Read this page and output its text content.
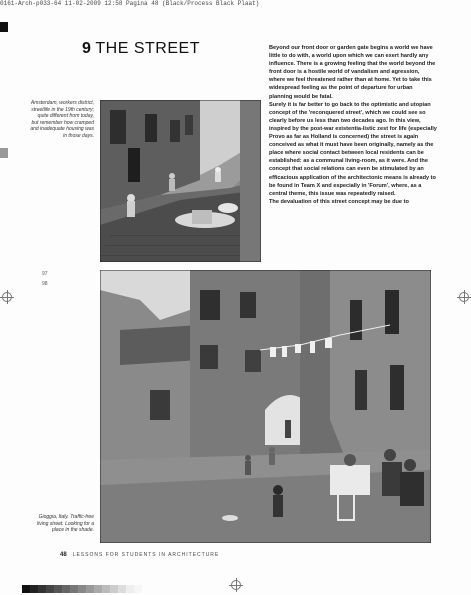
0161-Arch-p033-64 11-02-2009 12:58 Pagina 48 (Black/Process Black Plaat)
9 THE STREET
Amsterdam, workers district, streetlife in the 19th century; quite different from today, but remember how cramped and inadequate housing was in those days.

Beyond our front door or garden gate begins a world we have little to do with, a world upon which we can exert hardly any influence. There is a growing feeling that the world beyond the front door is a hostile world of vandalism and agression, where we feel threatened rather than at home. Yet to take this widespread feeling as the point of departure for urban planning would be fatal.

Surely it is far better to go back to the optimistic and utopian concept of the 'reconquered street', which we could see so clearly before us less than two decades ago. In this view, inspired by the post-war existentia-listic zest for life (especially Provo as far as Holland is concerned) the street is again conceived as what it must have been originally, namely as the place where social contact between local residents can be established: as a communal living-room, as it were. And the concept that social relations can even be stimulated by an efficacious application of the architectonic means is already to be found in Team X and especially in 'Forum', where, as a central theme, this issue was repeatedly raised.

The devaluation of this street concept may be due to

97
98
Gioggia, Italy. Traffic-free living street. Looking for a place in the shade.
48 LESSONS FOR STUDENTS IN ARCHITECTURE
